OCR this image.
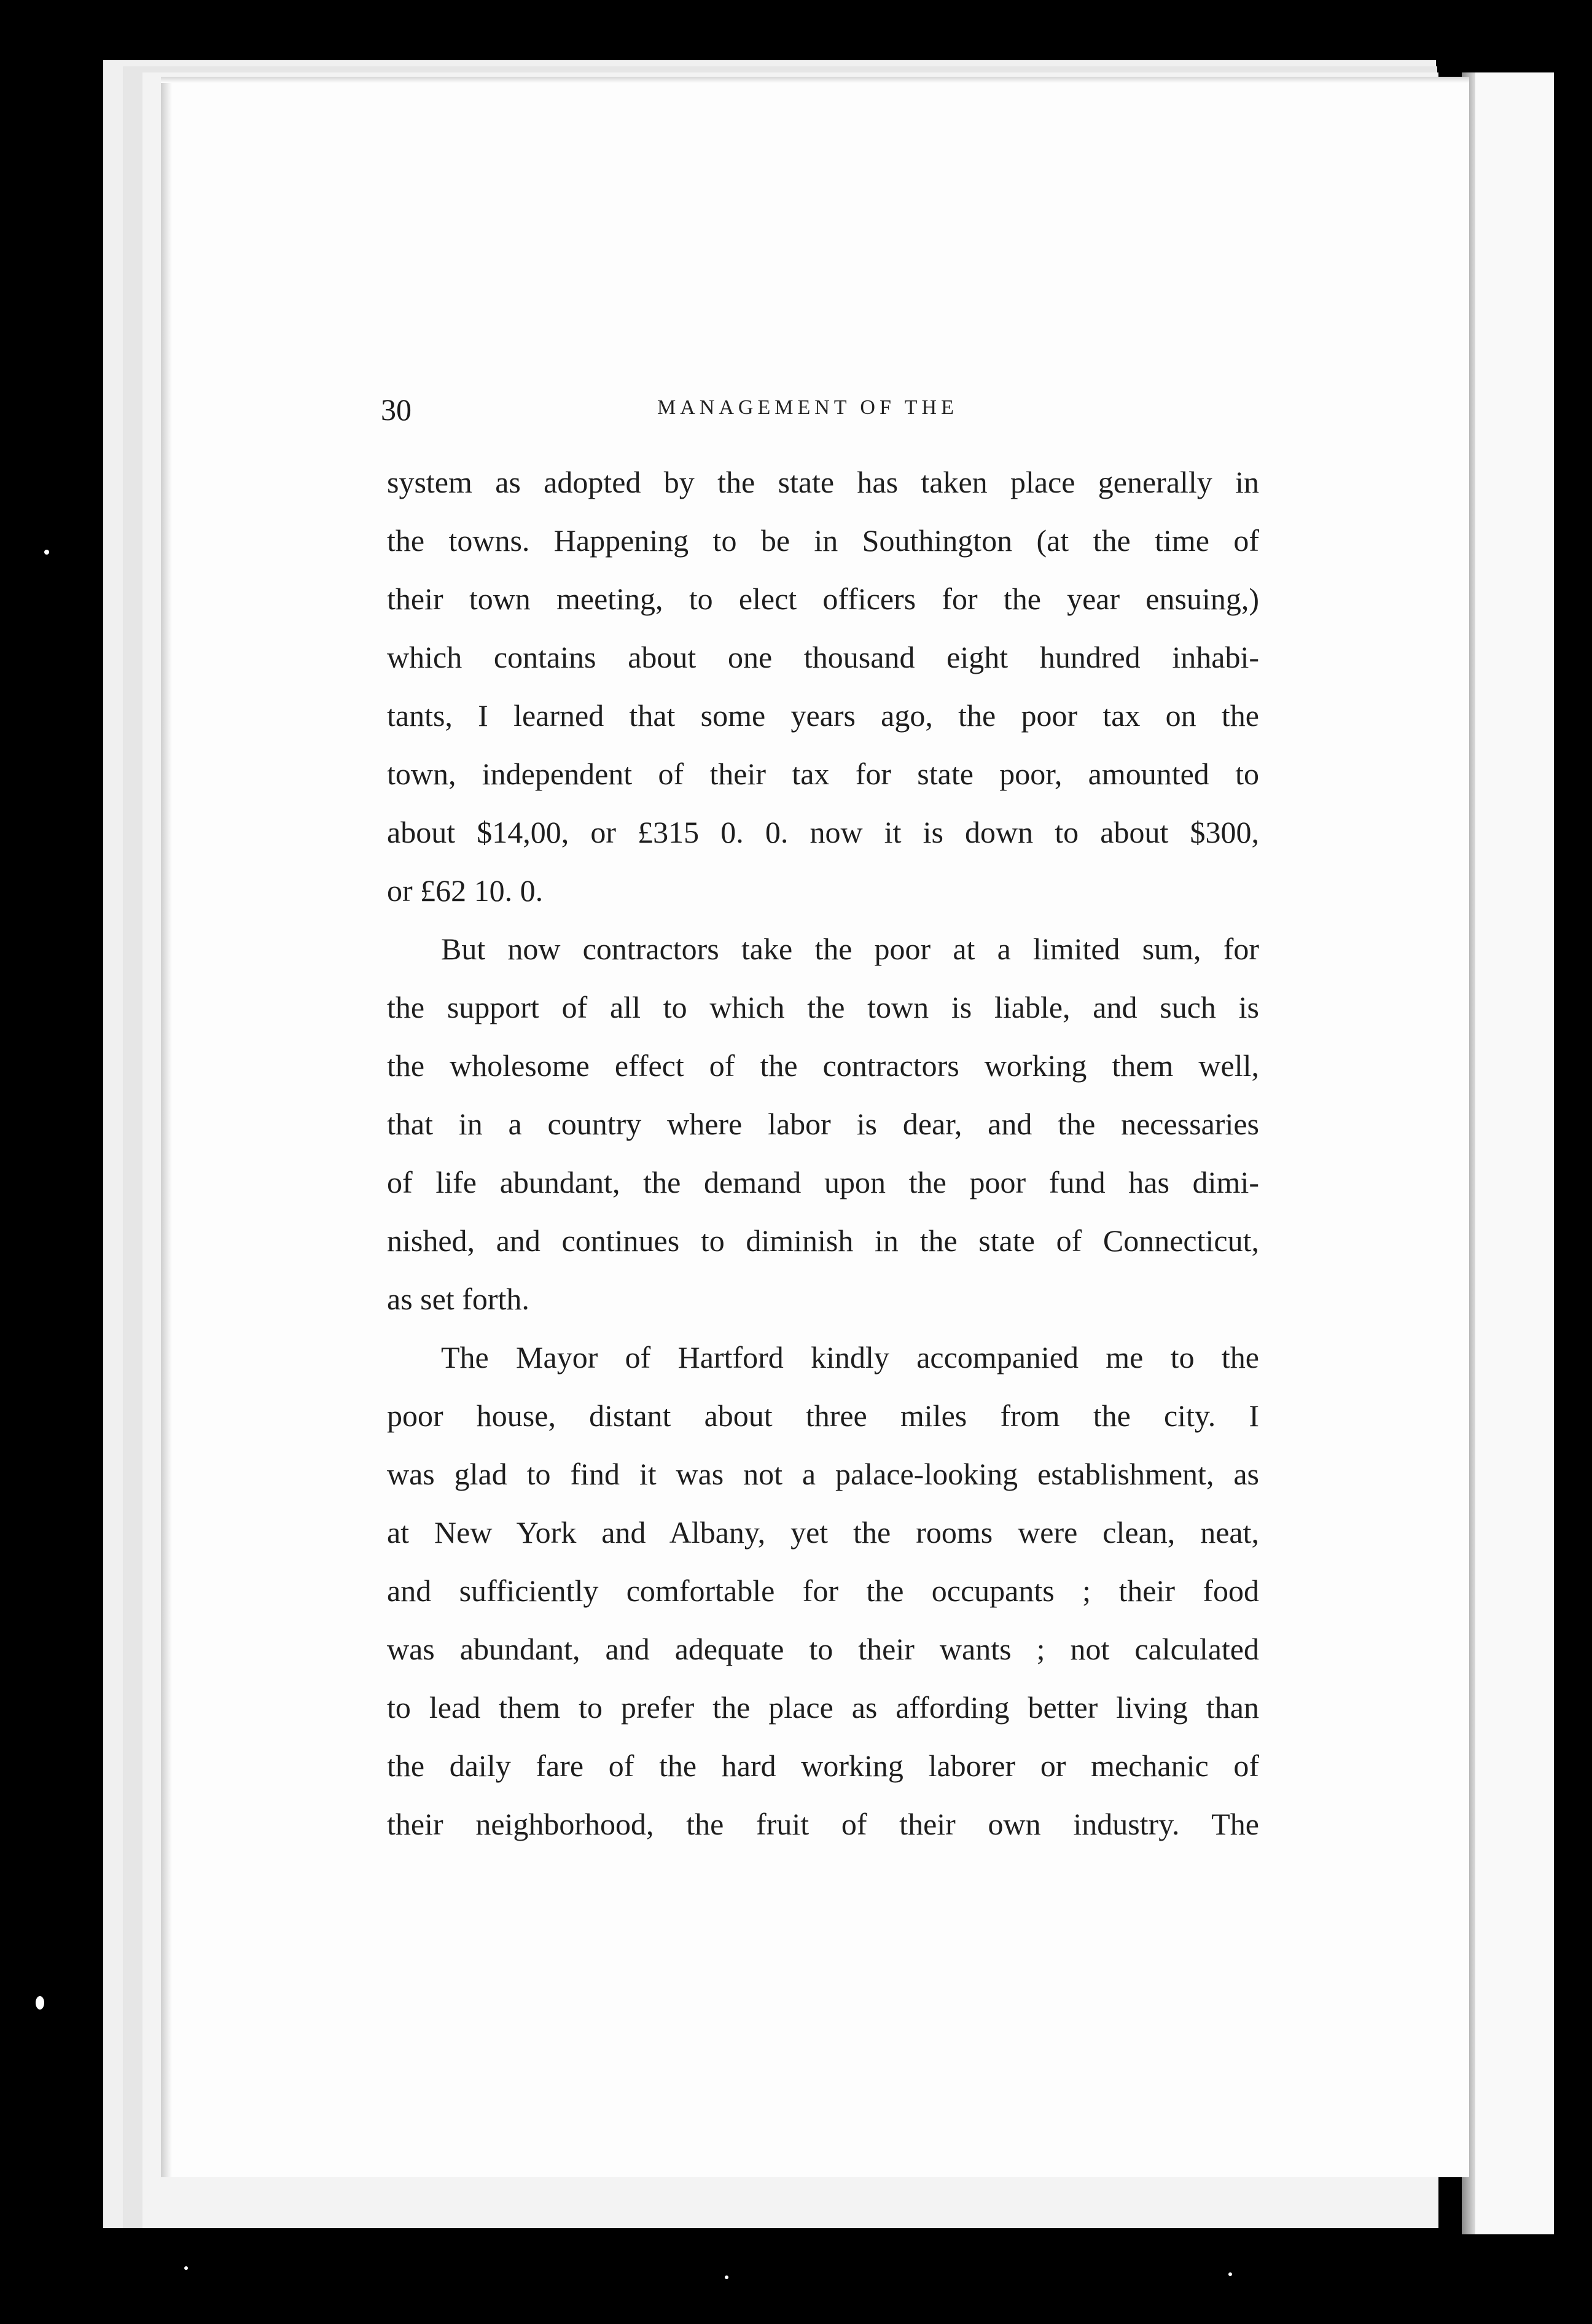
30	MANAGEMENT OF THE
system as adopted by the state has taken place generally in
the towns. Happening to be in Southington (at the time of
their town meeting, to elect officers for the year ensuing,)
which contains about one thousand eight hundred inhabi-
tants, I learned that some years ago, the poor tax on the
town, independent of their tax for state poor, amounted to
about $14,00, or £315 0. 0. now it is down to about $300,
or £62 10. 0.
But now contractors take the poor at a limited sum, for
the support of all to which the town is liable, and such is
the wholesome effect of the contractors working them well,
that in a country where labor is dear, and the necessaries
of life abundant, the demand upon the poor fund has dimi-
nished, and continues to diminish in the state of Connecticut,
as set forth.
The Mayor of Hartford kindly accompanied me to the
poor house, distant about three miles from the city. I
was glad to find it was not a palace-looking establishment, as
at New York and Albany, yet the rooms were clean, neat,
and sufficiently comfortable for the occupants ; their food
was abundant, and adequate to their wants ; not calculated
to lead them to prefer the place as affording better living than
the daily fare of the hard working laborer or mechanic of
their neighborhood, the fruit of their own industry. The
